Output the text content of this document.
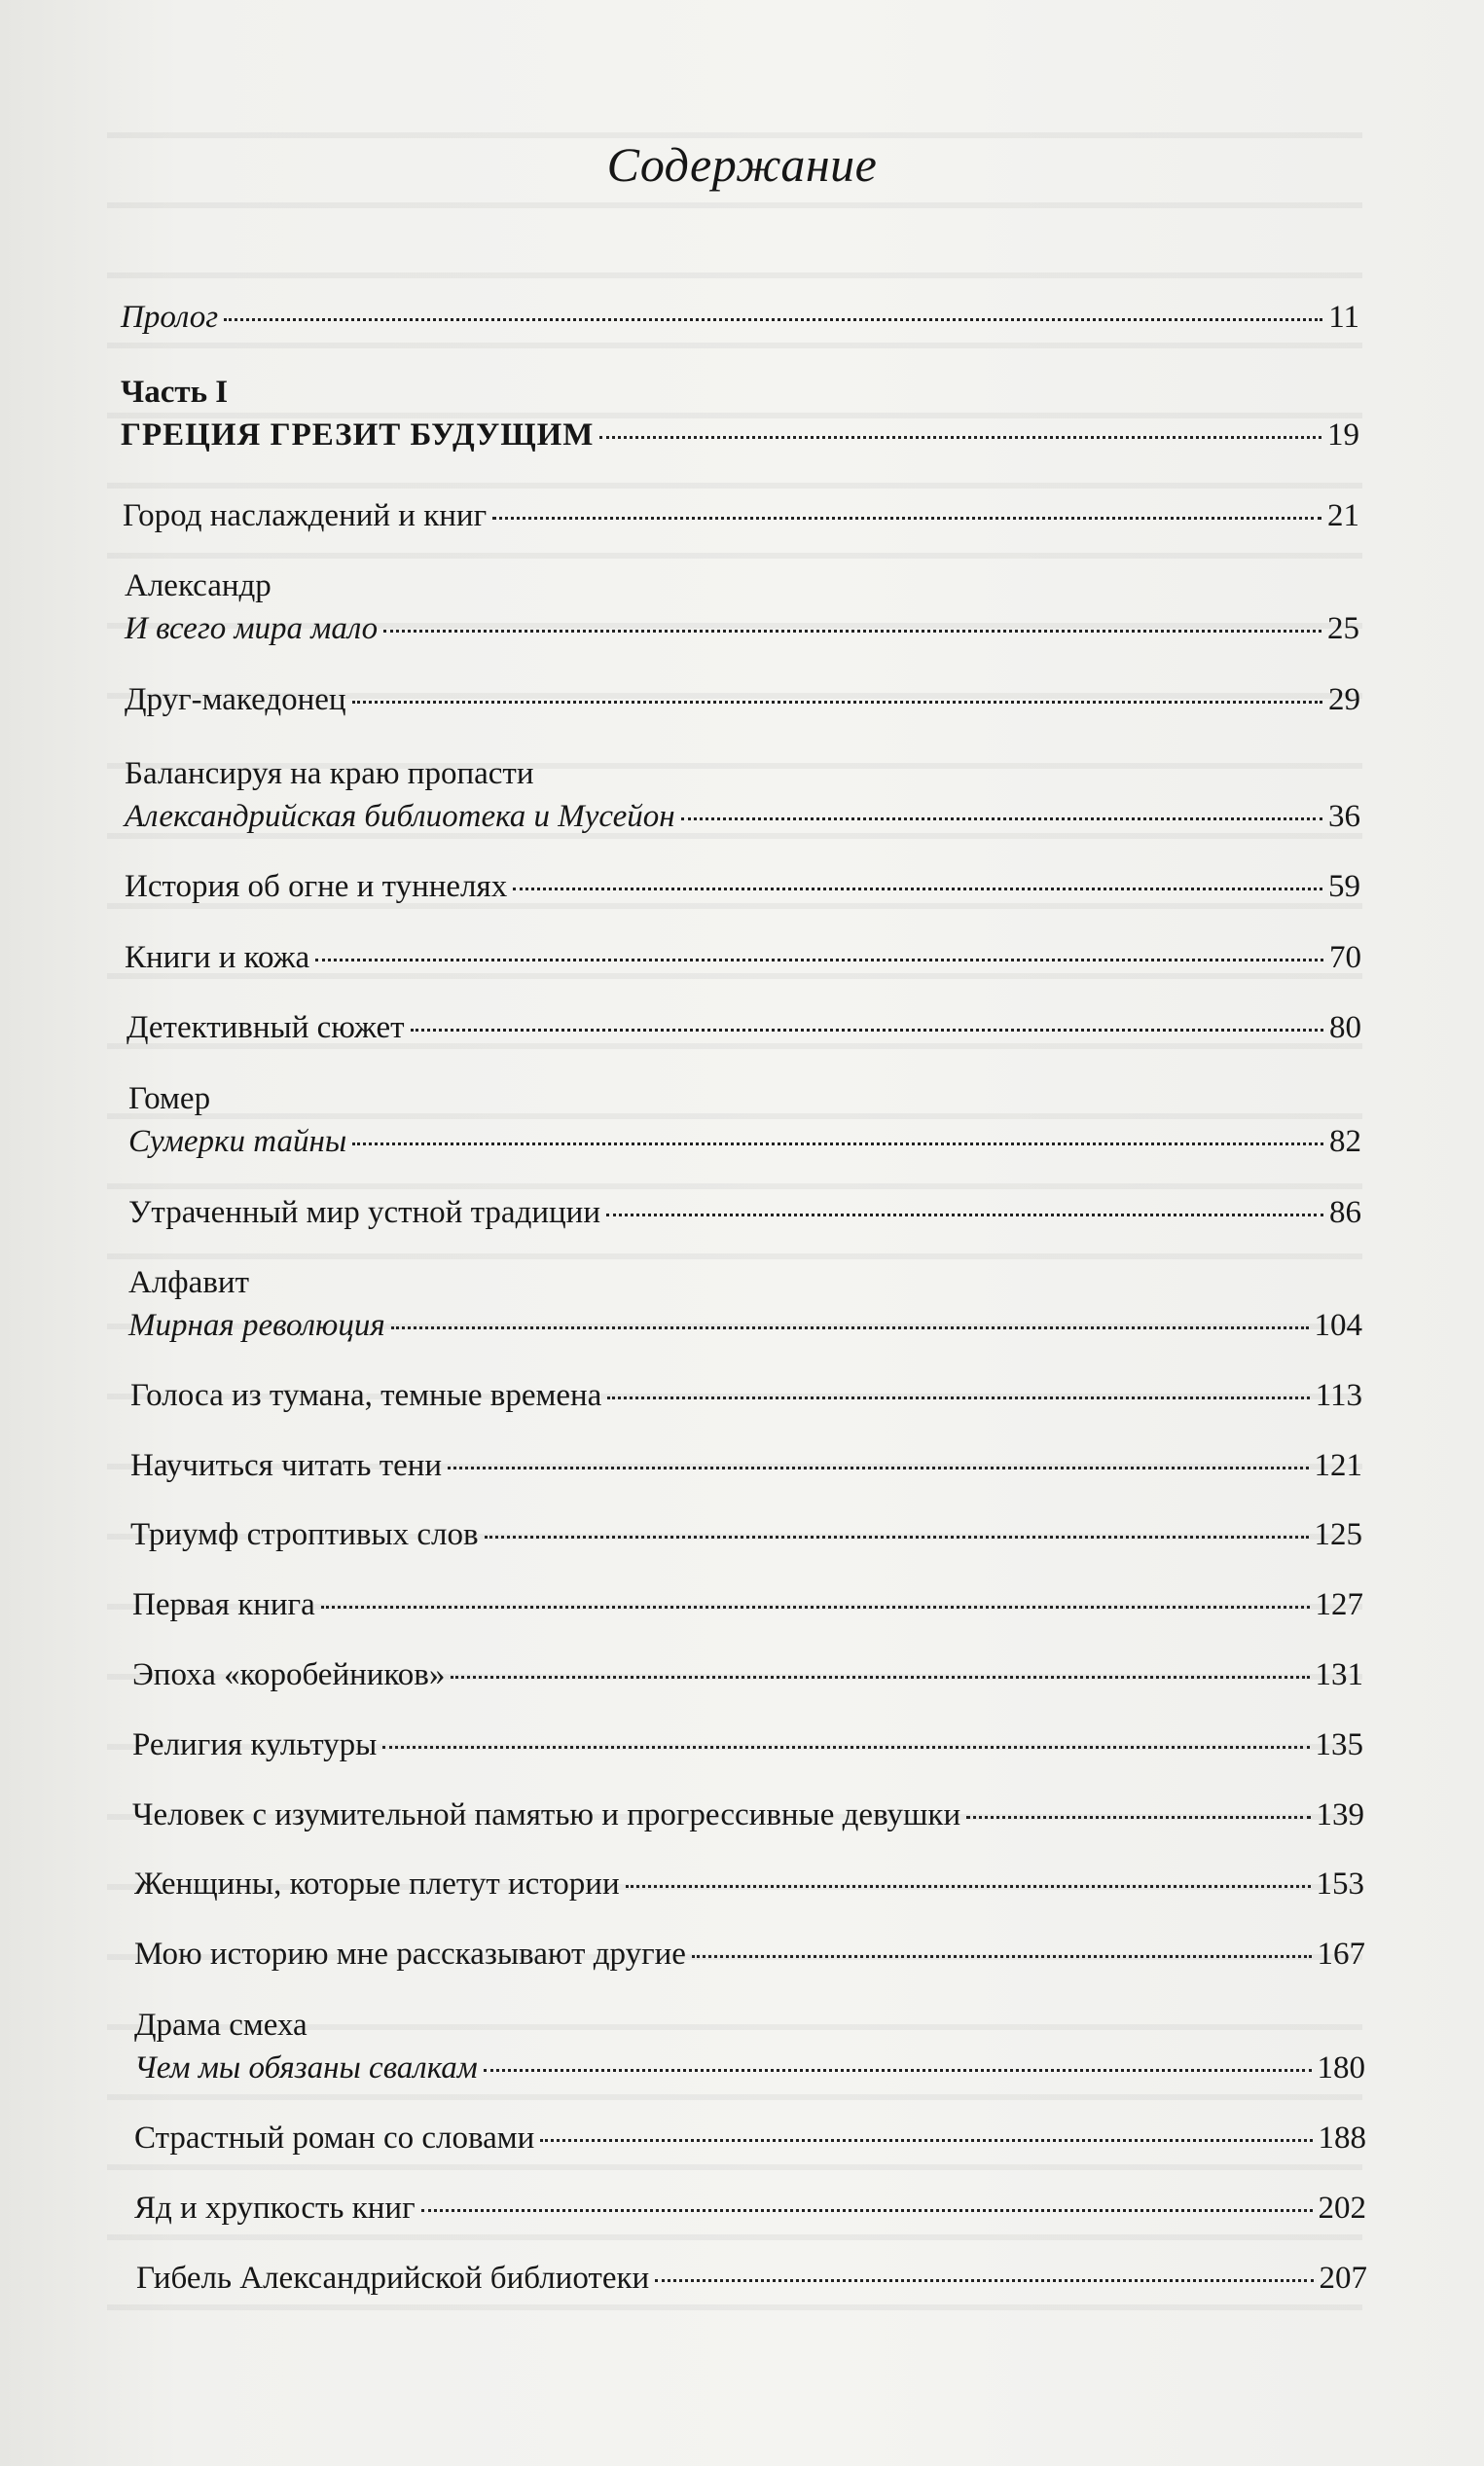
Содержание
Пролог	11
Часть I
ГРЕЦИЯ ГРЕЗИТ БУДУЩИМ	19
Город наслаждений и книг	21
Александр
И всего мира мало	25
Друг-македонец	29
Балансируя на краю пропасти
Александрийская библиотека и Мусейон	36
История об огне и туннелях	59
Книги и кожа	70
Детективный сюжет	80
Гомер
Сумерки тайны	82
Утраченный мир устной традиции	86
Алфавит
Мирная революция	104
Голоса из тумана, темные времена	113
Научиться читать тени	121
Триумф строптивых слов	125
Первая книга	127
Эпоха «коробейников»	131
Религия культуры	135
Человек с изумительной памятью и прогрессивные девушки	139
Женщины, которые плетут истории	153
Мою историю мне рассказывают другие	167
Драма смеха
Чем мы обязаны свалкам	180
Страстный роман со словами	188
Яд и хрупкость книг	202
Гибель Александрийской библиотеки	207
